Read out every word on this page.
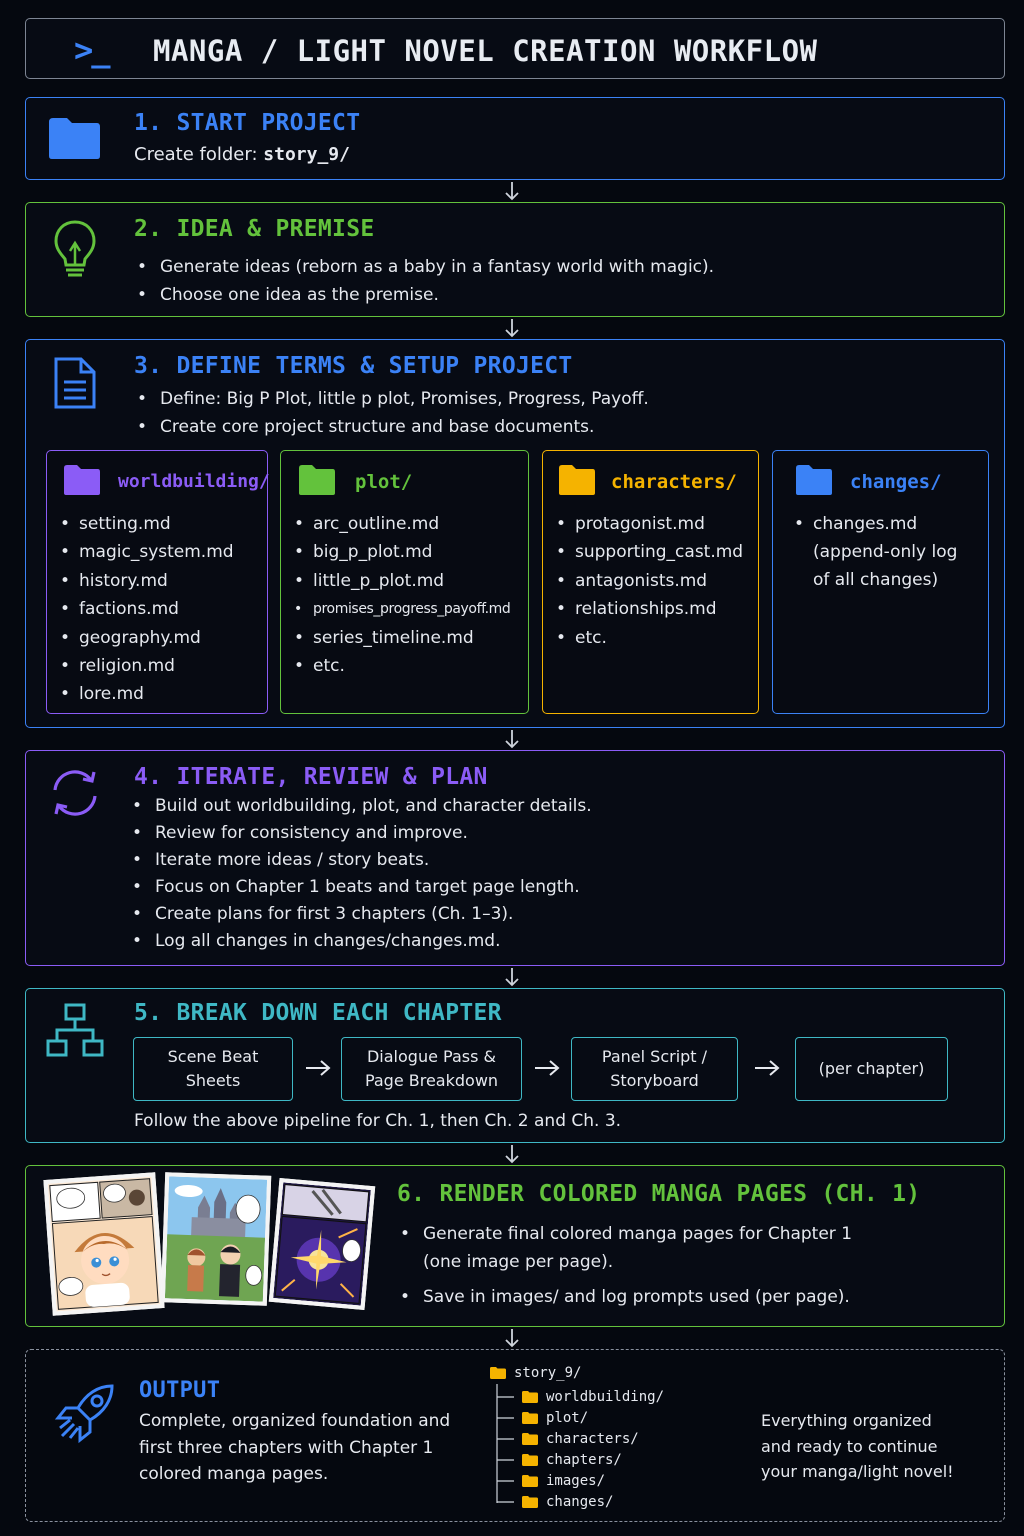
>_ MANGA / LIGHT NOVEL CREATION WORKFLOW
1. START PROJECT
Create folder: story_9/
2. IDEA & PREMISE
• Generate ideas (reborn as a baby in a fantasy world with magic).
• Choose one idea as the premise.
3. DEFINE TERMS & SETUP PROJECT
• Define: Big P Plot, little p plot, Promises, Progress, Payoff.
• Create core project structure and base documents.
worldbuilding/
• setting.md
• magic_system.md
• history.md
• factions.md
• geography.md
• religion.md
• lore.md
plot/
• arc_outline.md
• big_p_plot.md
• little_p_plot.md
• promises_progress_payoff.md
• series_timeline.md
• etc.
characters/
• protagonist.md
• supporting_cast.md
• antagonists.md
• relationships.md
• etc.
changes/
• changes.md
(append-only log
of all changes)
4. ITERATE, REVIEW & PLAN
• Build out worldbuilding, plot, and character details.
• Review for consistency and improve.
• Iterate more ideas / story beats.
• Focus on Chapter 1 beats and target page length.
• Create plans for first 3 chapters (Ch. 1–3).
• Log all changes in changes/changes.md.
5. BREAK DOWN EACH CHAPTER
Follow the above pipeline for Ch. 1, then Ch. 2 and Ch. 3.
Scene Beat
Sheets
Dialogue Pass &
Page Breakdown
Panel Script /
Storyboard
(per chapter)
6. RENDER COLORED MANGA PAGES (CH. 1)
• Generate final colored manga pages for Chapter 1
(one image per page).
• Save in images/ and log prompts used (per page).
OUTPUT
Complete, organized foundation and
first three chapters with Chapter 1
colored manga pages.
Everything organized
and ready to continue
your manga/light novel!
story_9/
worldbuilding/
plot/
characters/
chapters/
images/
changes/
